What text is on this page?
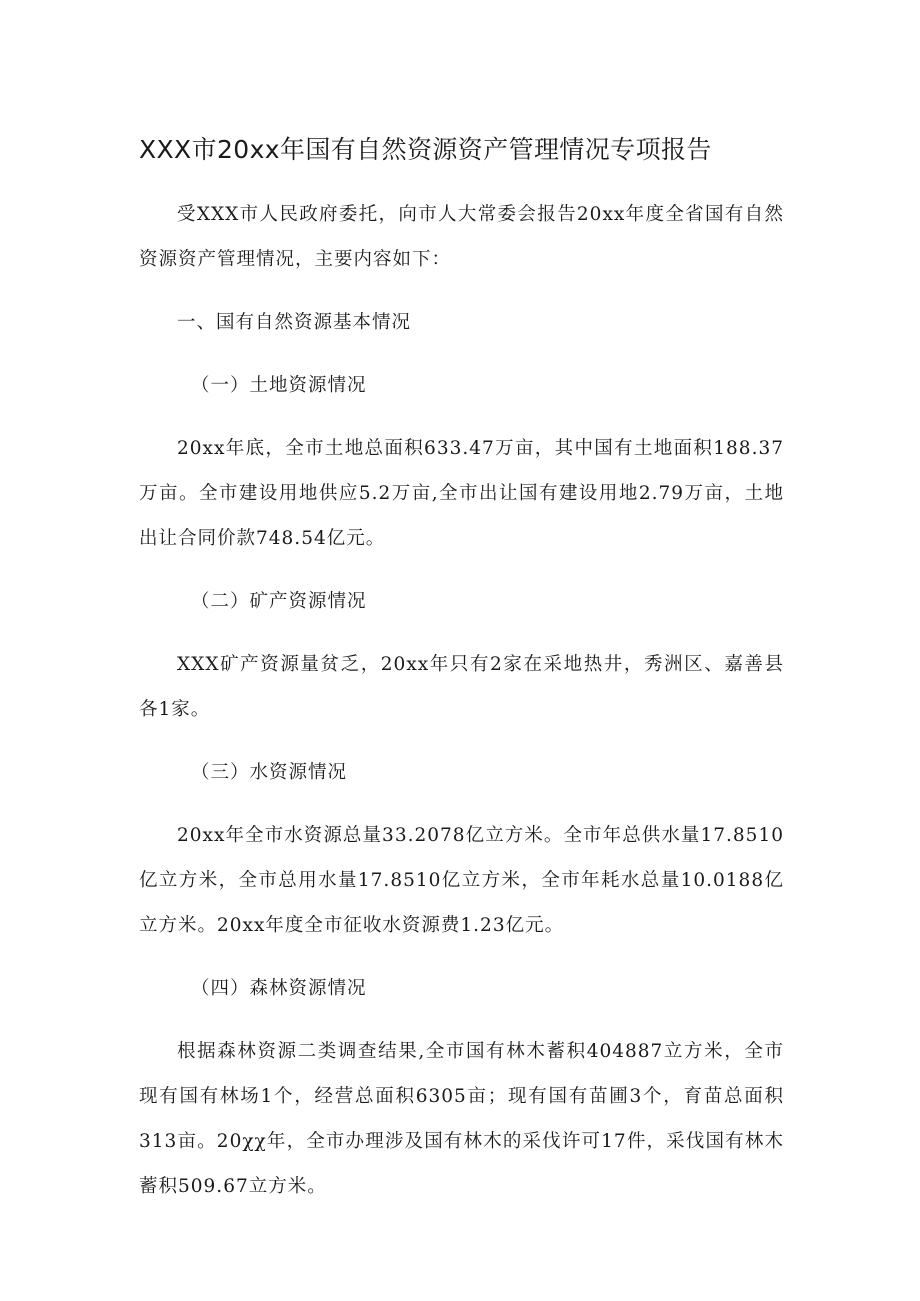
XXX市20xx年国有自然资源资产管理情况专项报告

受XXX市人民政府委托，向市人大常委会报告20xx年度全省国有自然资源资产管理情况，主要内容如下：

一、国有自然资源基本情况

（一）土地资源情况

20xx年底，全市土地总面积633.47万亩，其中国有土地面积188.37万亩。全市建设用地供应5.2万亩,全市出让国有建设用地2.79万亩，土地出让合同价款748.54亿元。

（二）矿产资源情况

XXX矿产资源量贫乏，20xx年只有2家在采地热井，秀洲区、嘉善县各1家。

（三）水资源情况

20xx年全市水资源总量33.2078亿立方米。全市年总供水量17.8510亿立方米，全市总用水量17.8510亿立方米，全市年耗水总量10.0188亿立方米。20xx年度全市征收水资源费1.23亿元。

（四）森林资源情况

根据森林资源二类调查结果,全市国有林木蓄积404887立方米，全市现有国有林场1个，经营总面积6305亩；现有国有苗圃3个，育苗总面积313亩。20χχ年，全市办理涉及国有林木的采伐许可17件，采伐国有林木蓄积509.67立方米。
